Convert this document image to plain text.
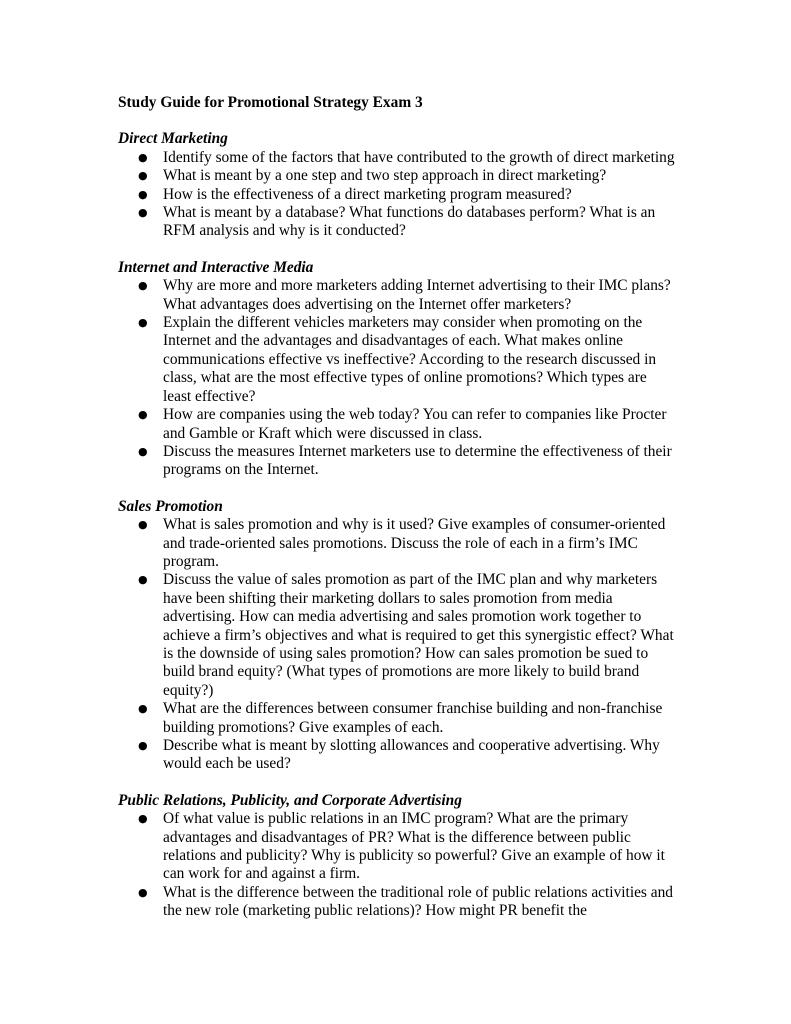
Study Guide for Promotional Strategy Exam 3

Direct Marketing

● Identify some of the factors that have contributed to the growth of direct marketing
● What is meant by a one step and two step approach in direct marketing?
● How is the effectiveness of a direct marketing program measured?
● What is meant by a database? What functions do databases perform? What is an RFM analysis and why is it conducted?

Internet and Interactive Media

● Why are more and more marketers adding Internet advertising to their IMC plans? What advantages does advertising on the Internet offer marketers?
● Explain the different vehicles marketers may consider when promoting on the Internet and the advantages and disadvantages of each. What makes online communications effective vs ineffective? According to the research discussed in class, what are the most effective types of online promotions? Which types are least effective?
● How are companies using the web today? You can refer to companies like Procter and Gamble or Kraft which were discussed in class.
● Discuss the measures Internet marketers use to determine the effectiveness of their programs on the Internet.

Sales Promotion

● What is sales promotion and why is it used? Give examples of consumer-oriented and trade-oriented sales promotions. Discuss the role of each in a firm’s IMC program.
● Discuss the value of sales promotion as part of the IMC plan and why marketers have been shifting their marketing dollars to sales promotion from media advertising. How can media advertising and sales promotion work together to achieve a firm’s objectives and what is required to get this synergistic effect? What is the downside of using sales promotion? How can sales promotion be sued to build brand equity? (What types of promotions are more likely to build brand equity?)
● What are the differences between consumer franchise building and non-franchise building promotions? Give examples of each.
● Describe what is meant by slotting allowances and cooperative advertising. Why would each be used?

Public Relations, Publicity, and Corporate Advertising

● Of what value is public relations in an IMC program? What are the primary advantages and disadvantages of PR? What is the difference between public relations and publicity? Why is publicity so powerful? Give an example of how it can work for and against a firm.
● What is the difference between the traditional role of public relations activities and the new role (marketing public relations)? How might PR benefit the
